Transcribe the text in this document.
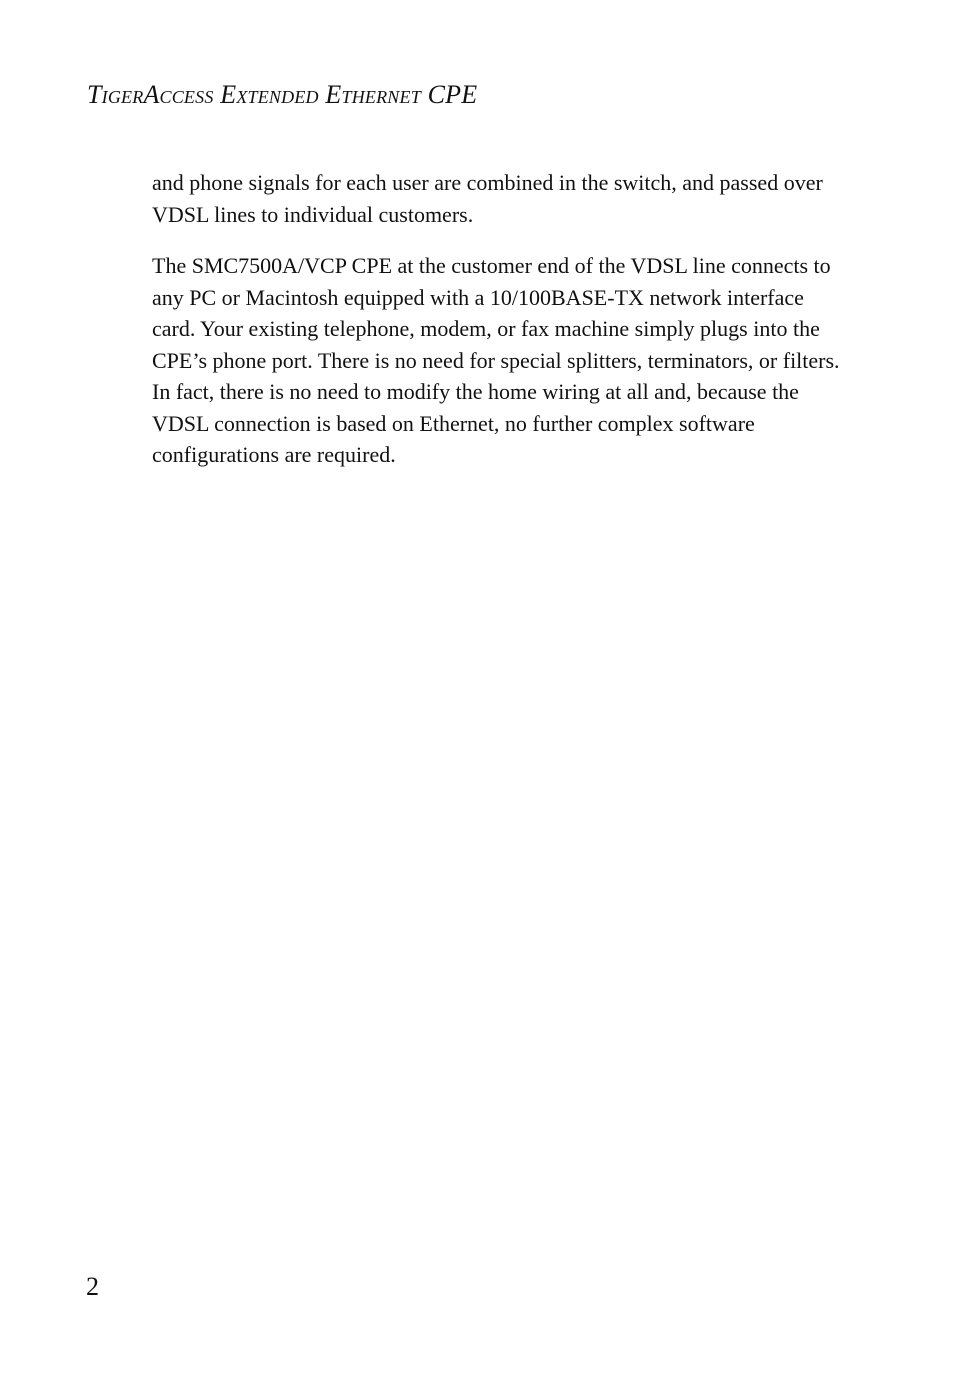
TigerAccess Extended Ethernet CPE

and phone signals for each user are combined in the switch, and passed over VDSL lines to individual customers.

The SMC7500A/VCP CPE at the customer end of the VDSL line connects to any PC or Macintosh equipped with a 10/100BASE-TX network interface card. Your existing telephone, modem, or fax machine simply plugs into the CPE’s phone port. There is no need for special splitters, terminators, or filters. In fact, there is no need to modify the home wiring at all and, because the VDSL connection is based on Ethernet, no further complex software configurations are required.

2
